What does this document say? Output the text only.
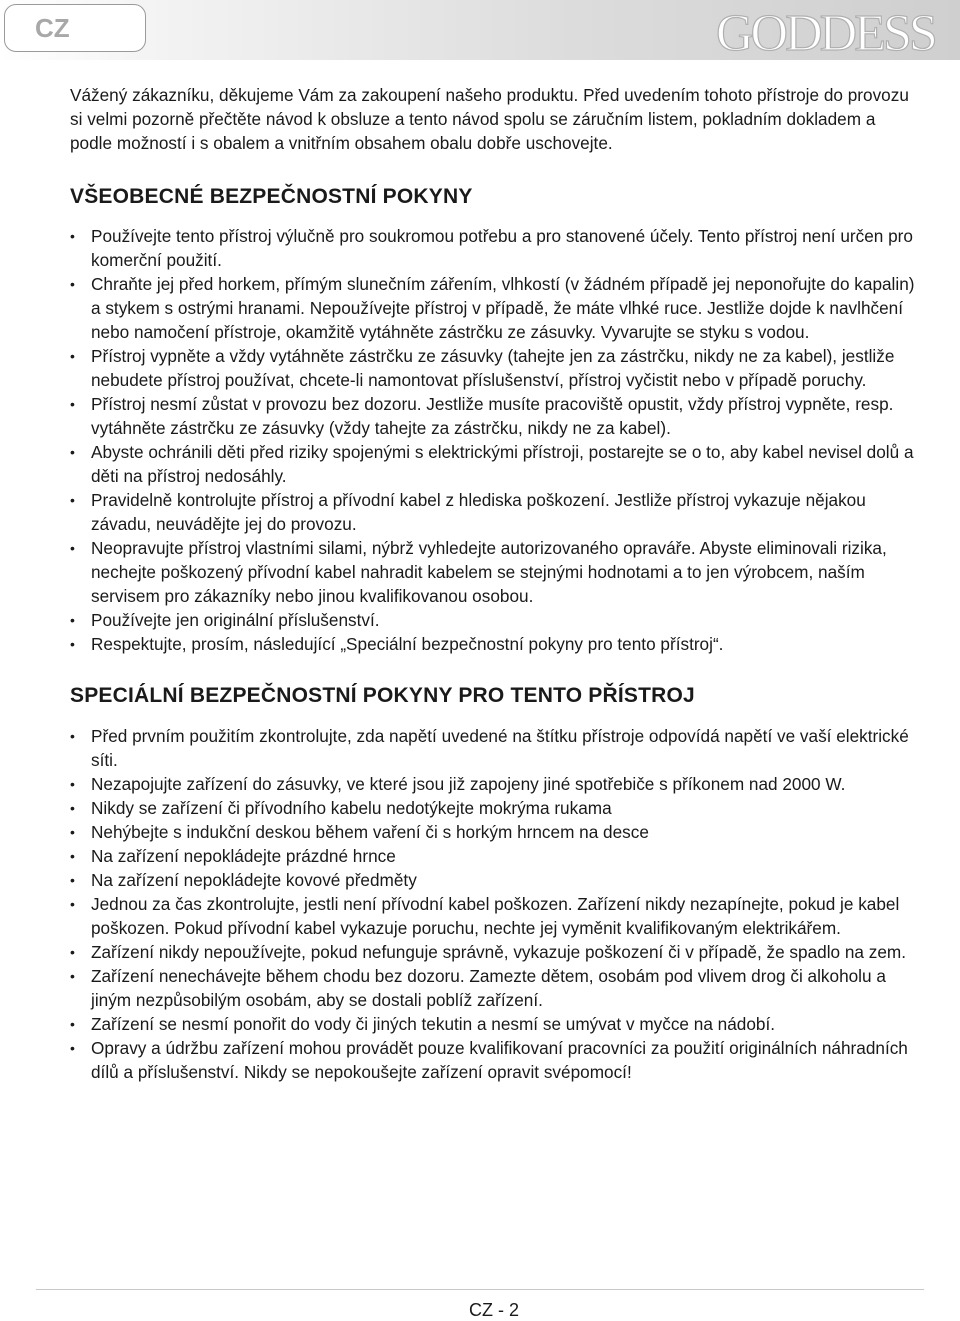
CZ	GODDESS

Vážený zákazníku, děkujeme Vám za zakoupení našeho produktu. Před uvedením tohoto přístroje do provozu si velmi pozorně přečtěte návod k obsluze a tento návod spolu se záručním listem, pokladním dokladem a podle možností i s obalem a vnitřním obsahem obalu dobře uschovejte.

VŠEOBECNÉ BEZPEČNOSTNÍ POKYNY
• Používejte tento přístroj výlučně pro soukromou potřebu a pro stanovené účely. Tento přístroj není určen pro komerční použití.
• Chraňte jej před horkem, přímým slunečním zářením, vlhkostí (v žádném případě jej neponořujte do kapalin) a stykem s ostrými hranami. Nepoužívejte přístroj v případě, že máte vlhké ruce. Jestliže dojde k navlhčení nebo namočení přístroje, okamžitě vytáhněte zástrčku ze zásuvky. Vyvarujte se styku s vodou.
• Přístroj vypněte a vždy vytáhněte zástrčku ze zásuvky (tahejte jen za zástrčku, nikdy ne za kabel), jestliže nebudete přístroj používat, chcete-li namontovat příslušenství, přístroj vyčistit nebo v případě poruchy.
• Přístroj nesmí zůstat v provozu bez dozoru. Jestliže musíte pracoviště opustit, vždy přístroj vypněte, resp. vytáhněte zástrčku ze zásuvky (vždy tahejte za zástrčku, nikdy ne za kabel).
• Abyste ochránili děti před riziky spojenými s elektrickými přístroji, postarejte se o to, aby kabel nevisel dolů a děti na přístroj nedosáhly.
• Pravidelně kontrolujte přístroj a přívodní kabel z hlediska poškození. Jestliže přístroj vykazuje nějakou závadu, neuvádějte jej do provozu.
• Neopravujte přístroj vlastními silami, nýbrž vyhledejte autorizovaného opraváře. Abyste eliminovali rizika, nechejte poškozený přívodní kabel nahradit kabelem se stejnými hodnotami a to jen výrobcem, naším servisem pro zákazníky nebo jinou kvalifikovanou osobou.
• Používejte jen originální příslušenství.
• Respektujte, prosím, následující „Speciální bezpečnostní pokyny pro tento přístroj“.
SPECIÁLNÍ BEZPEČNOSTNÍ POKYNY PRO TENTO PŘÍSTROJ
• Před prvním použitím zkontrolujte, zda napětí uvedené na štítku přístroje odpovídá napětí ve vaší elektrické síti.
• Nezapojujte zařízení do zásuvky, ve které jsou již zapojeny jiné spotřebiče s příkonem nad 2000 W.
• Nikdy se zařízení či přívodního kabelu nedotýkejte mokrýma rukama
• Nehýbejte s indukční deskou během vaření či s horkým hrncem na desce
• Na zařízení nepokládejte prázdné hrnce
• Na zařízení nepokládejte kovové předměty
• Jednou za čas zkontrolujte, jestli není přívodní kabel poškozen. Zařízení nikdy nezapínejte, pokud je kabel poškozen. Pokud přívodní kabel vykazuje poruchu, nechte jej vyměnit kvalifikovaným elektrikářem.
• Zařízení nikdy nepoužívejte, pokud nefunguje správně, vykazuje poškození či v případě, že spadlo na zem.
• Zařízení nenechávejte během chodu bez dozoru. Zamezte dětem, osobám pod vlivem drog či alkoholu a jiným nezpůsobilým osobám, aby se dostali poblíž zařízení.
• Zařízení se nesmí ponořit do vody či jiných tekutin a nesmí se umývat v myčce na nádobí.
• Opravy a údržbu zařízení mohou provádět pouze kvalifikovaní pracovníci za použití originálních náhradních dílů a příslušenství. Nikdy se nepokoušejte zařízení opravit svépomocí!
CZ - 2
